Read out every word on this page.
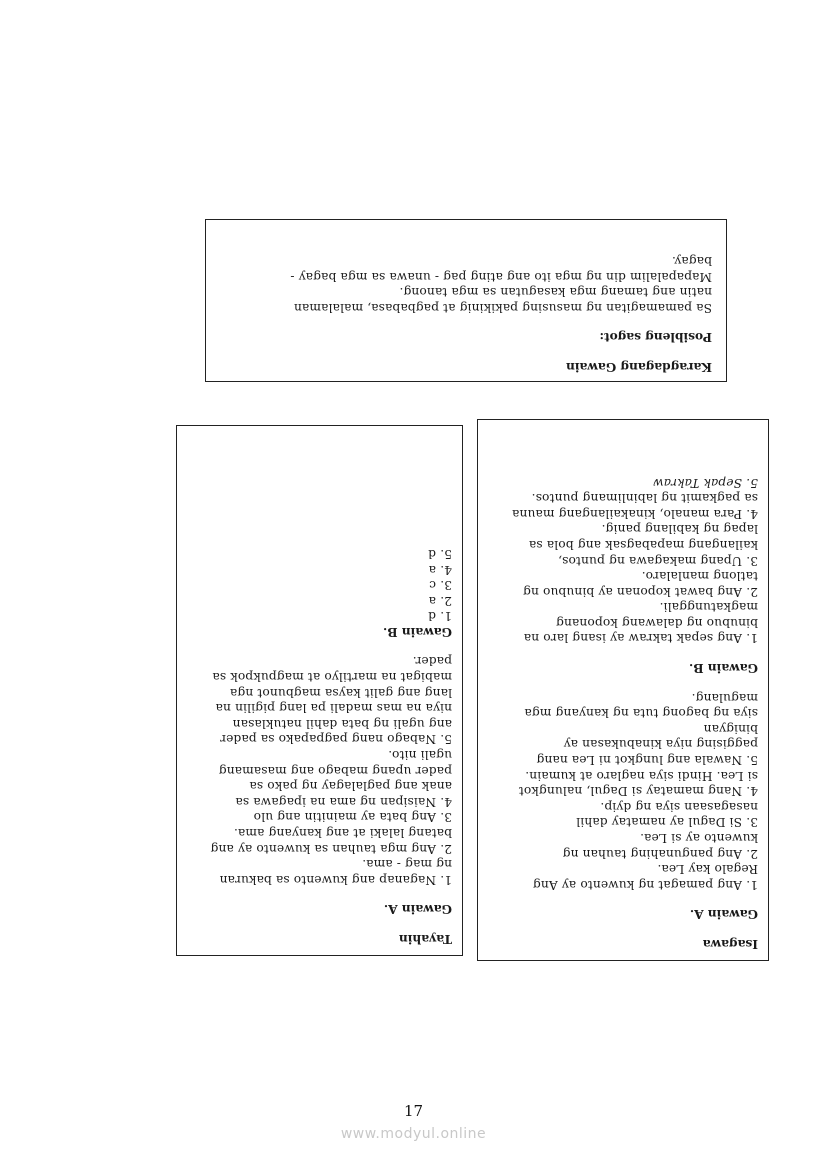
Karagdagang Gawain
Posibleng sagot:
Sa pamamagitan ng masusing pakikinig at pagbabasa, malalaman
natin ang tamang mga kasagutan sa mga tanong.
Mapapalalim din ng mga ito ang ating pag - unawa sa mga bagay -
bagay.
Isagawa
Gawain A.
1. Ang pamagat ng kuwento ay Ang
Regalo kay Lea.
2. Ang pangunahing tauhan ng
kuwento ay si Lea.
3. Si Dagul ay namatay dahil
nasagasaan siya ng dyip.
4. Nang mamatay si Dagul, nalungkot
si Lea. Hindi siya naglaro at kumain.
5. Nawala ang lungkot ni Lea nang
paggising niya kinabukasan ay
binigyan
siya ng bagong tuta ng kanyang mga
magulang.
Gawain B.
1. Ang sepak takraw ay isang laro na
binubuo ng dalawang koponang
magkatunggali.
2. Ang bawat koponan ay binubuo ng
tatlong manlalaro.
3. Upang makagawa ng puntos,
kailangang mapabagsak ang bola sa
lapag ng kabilang panig.
4. Para manalo, kinakailangang mauna
sa pagkamit ng labinlimang puntos.
5. Sepak Takraw
Tayahin
Gawain A.
1. Naganap ang kuwento sa bakuran
ng mag - ama.
2. Ang mga tauhan sa kuwento ay ang
batang lalaki at ang kanyang ama.
3. Ang bata ay mainitin ang ulo
4. Naisipan ng ama na ipagawa sa
anak ang paglalagay ng pako sa
pader upang mabago ang masamang
ugali nito.
5. Nabago nang pagpapako sa pader
ang ugali ng bata dahil natuklasan
niya na mas madali pa lang pigilin na
lang ang galit kaysa magbunot nga
mabigat na martilyo at magpukpok sa
pader.
Gawain B.
1. d
2. a
3. c
4. a
5. d
17
www.modyul.online
